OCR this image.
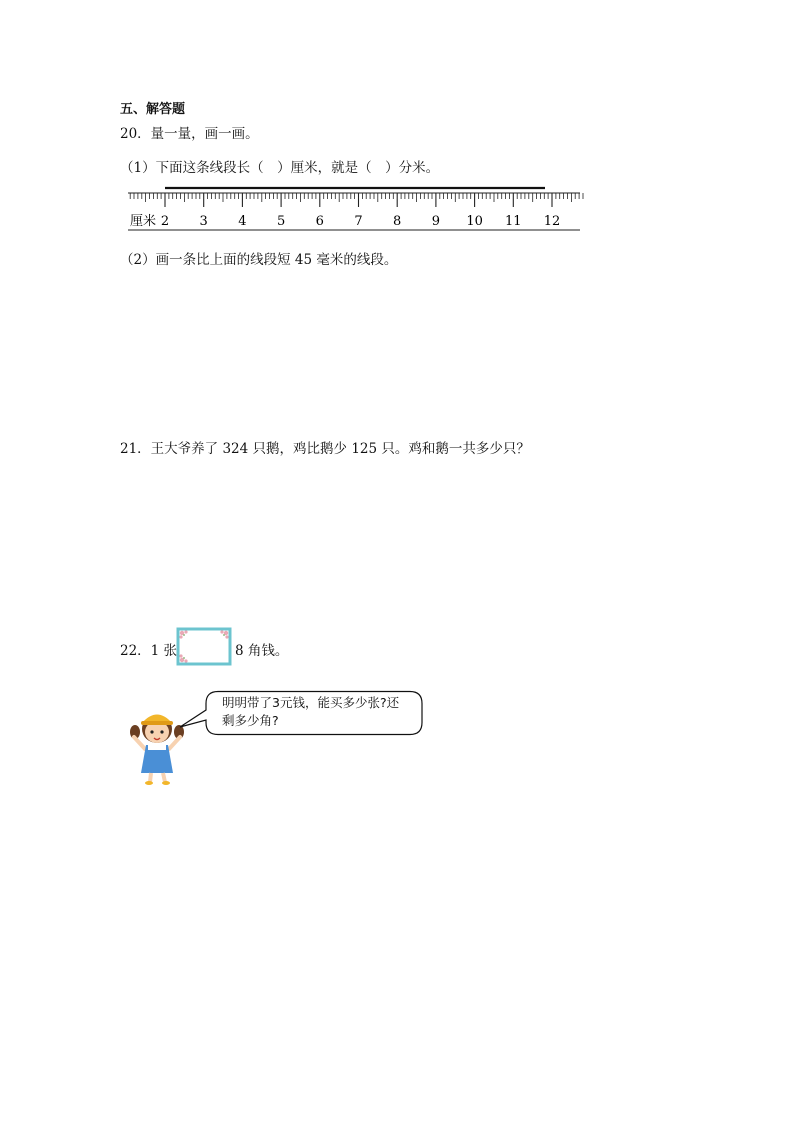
五、解答题
20．量一量，画一画。
（1）下面这条线段长（　）厘米，就是（　）分米。
厘米 2 3 4 5 6 7 8 9 10 11 12
（2）画一条比上面的线段短 45 毫米的线段。
21．王大爷养了 324 只鹅，鸡比鹅少 125 只。鸡和鹅一共多少只？
22．1 张	8 角钱。
明明带了3元钱，能买多少张?还
剩多少角?
